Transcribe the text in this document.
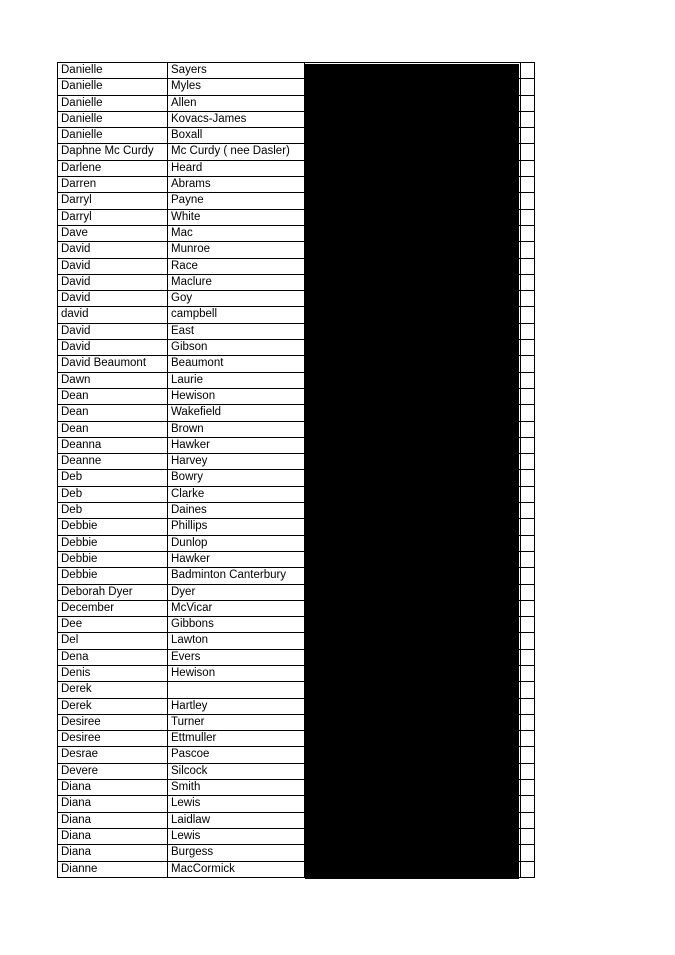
Danielle	Sayers
Danielle	Myles
Danielle	Allen
Danielle	Kovacs-James
Danielle	Boxall
Daphne Mc Curdy	Mc Curdy ( nee Dasler)
Darlene	Heard
Darren	Abrams
Darryl	Payne
Darryl	White
Dave	Mac
David	Munroe
David	Race
David	Maclure
David	Goy
david	campbell
David	East
David	Gibson
David Beaumont	Beaumont
Dawn	Laurie
Dean	Hewison
Dean	Wakefield
Dean	Brown
Deanna	Hawker
Deanne	Harvey
Deb	Bowry
Deb	Clarke
Deb	Daines
Debbie	Phillips
Debbie	Dunlop
Debbie	Hawker
Debbie	Badminton Canterbury
Deborah Dyer	Dyer
December	McVicar
Dee	Gibbons
Del	Lawton
Dena	Evers
Denis	Hewison
Derek
Derek	Hartley
Desiree	Turner
Desiree	Ettmuller
Desrae	Pascoe
Devere	Silcock
Diana	Smith
Diana	Lewis
Diana	Laidlaw
Diana	Lewis
Diana	Burgess
Dianne	MacCormick
